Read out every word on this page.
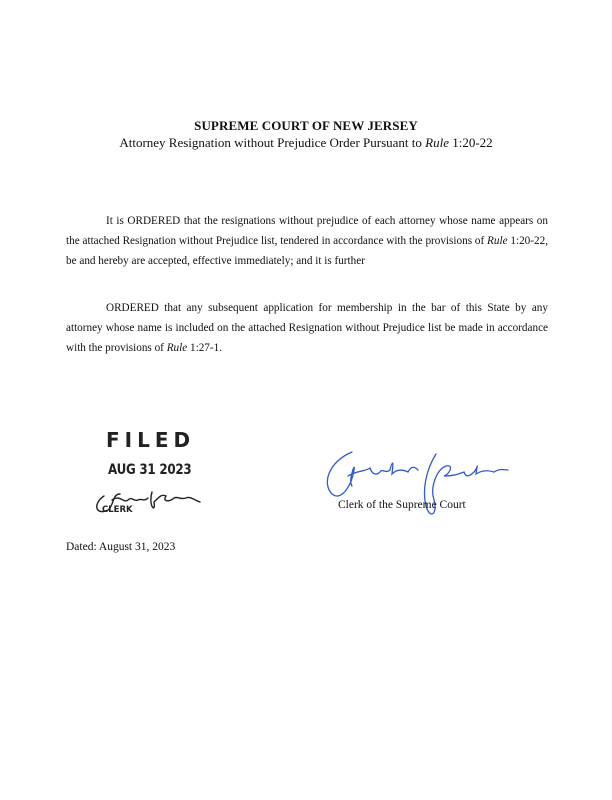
SUPREME COURT OF NEW JERSEY
Attorney Resignation without Prejudice Order Pursuant to Rule 1:20-22
It is ORDERED that the resignations without prejudice of each attorney whose name appears on the attached Resignation without Prejudice list, tendered in accordance with the provisions of Rule 1:20-22, be and hereby are accepted, effective immediately; and it is further
ORDERED that any subsequent application for membership in the bar of this State by any attorney whose name is included on the attached Resignation without Prejudice list be made in accordance with the provisions of Rule 1:27-1.
FILED
AUG 31 2023
CLERK	Clerk of the Supreme Court
Dated: August 31, 2023
